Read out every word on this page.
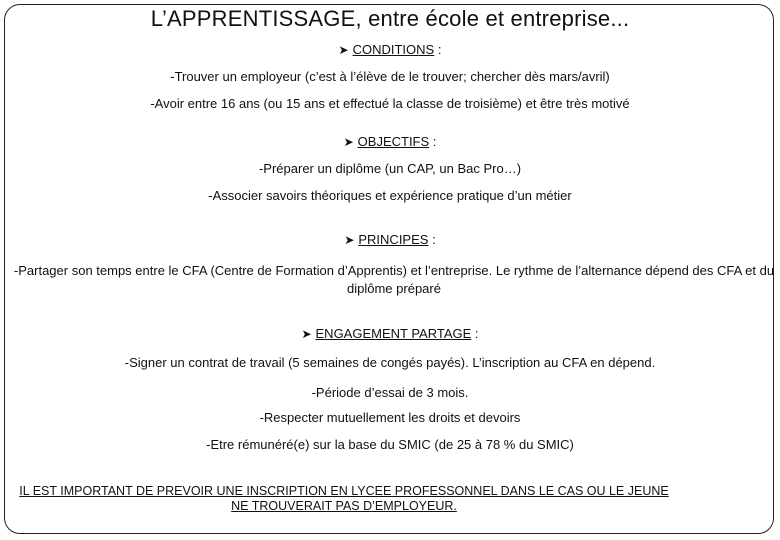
L’APPRENTISSAGE, entre école et entreprise...
➤ CONDITIONS :
-Trouver un employeur (c’est à l’élève de le trouver; chercher dès mars/avril)
-Avoir entre 16 ans (ou 15 ans et effectué la classe de troisième) et être très motivé
➤ OBJECTIFS :
-Préparer un diplôme (un CAP, un Bac Pro…)
-Associer savoirs théoriques et expérience pratique d’un métier
➤ PRINCIPES :
-Partager son temps entre le CFA (Centre de Formation d’Apprentis) et l’entreprise. Le rythme de l’alternance dépend des CFA et du diplôme préparé
➤ ENGAGEMENT PARTAGE :
-Signer un contrat de travail (5 semaines de congés payés). L’inscription au CFA en dépend.
-Période d’essai de 3 mois.
-Respecter mutuellement les droits et devoirs
-Etre rémunéré(e) sur la base du SMIC (de 25 à 78 % du SMIC)
IL EST IMPORTANT DE PREVOIR UNE INSCRIPTION EN LYCEE PROFESSONNEL DANS LE CAS OU LE JEUNE NE TROUVERAIT PAS D’EMPLOYEUR.
